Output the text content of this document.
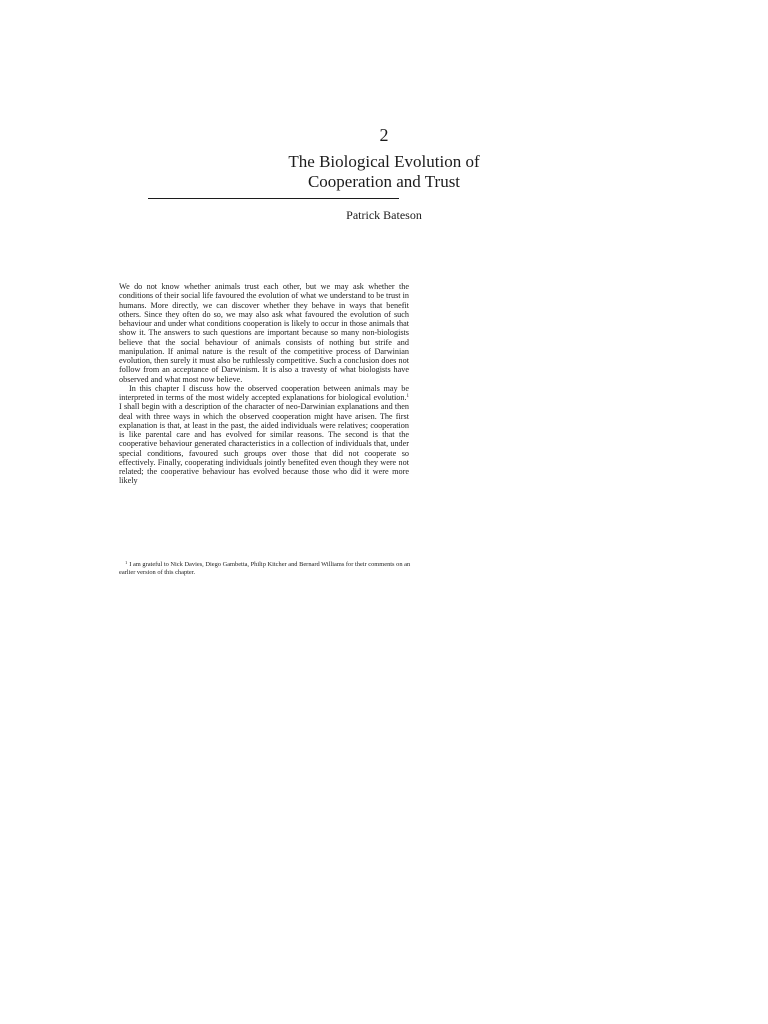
2
The Biological Evolution of
Cooperation and Trust
Patrick Bateson

We do not know whether animals trust each other, but we may ask whether the conditions of their social life favoured the evolution of what we understand to be trust in humans. More directly, we can discover whether they behave in ways that benefit others. Since they often do so, we may also ask what favoured the evolution of such behaviour and under what conditions cooperation is likely to occur in those animals that show it. The answers to such questions are important because so many non-biologists believe that the social behaviour of animals consists of nothing but strife and manipulation. If animal nature is the result of the competitive process of Darwinian evolution, then surely it must also be ruthlessly competitive. Such a conclusion does not follow from an acceptance of Darwinism. It is also a travesty of what biologists have observed and what most now believe.

In this chapter I discuss how the observed cooperation between animals may be interpreted in terms of the most widely accepted explanations for biological evolution.$^1$ I shall begin with a description of the character of neo-Darwinian explanations and then deal with three ways in which the observed cooperation might have arisen. The first explanation is that, at least in the past, the aided individuals were relatives; cooperation is like parental care and has evolved for similar reasons. The second is that the cooperative behaviour generated characteristics in a collection of individuals that, under special conditions, favoured such groups over those that did not cooperate so effectively. Finally, cooperating individuals jointly benefited even though they were not related; the cooperative behaviour has evolved because those who did it were more likely

$^1$ I am grateful to Nick Davies, Diego Gambetta, Philip Kitcher and Bernard Williams for their comments on an earlier version of this chapter.
